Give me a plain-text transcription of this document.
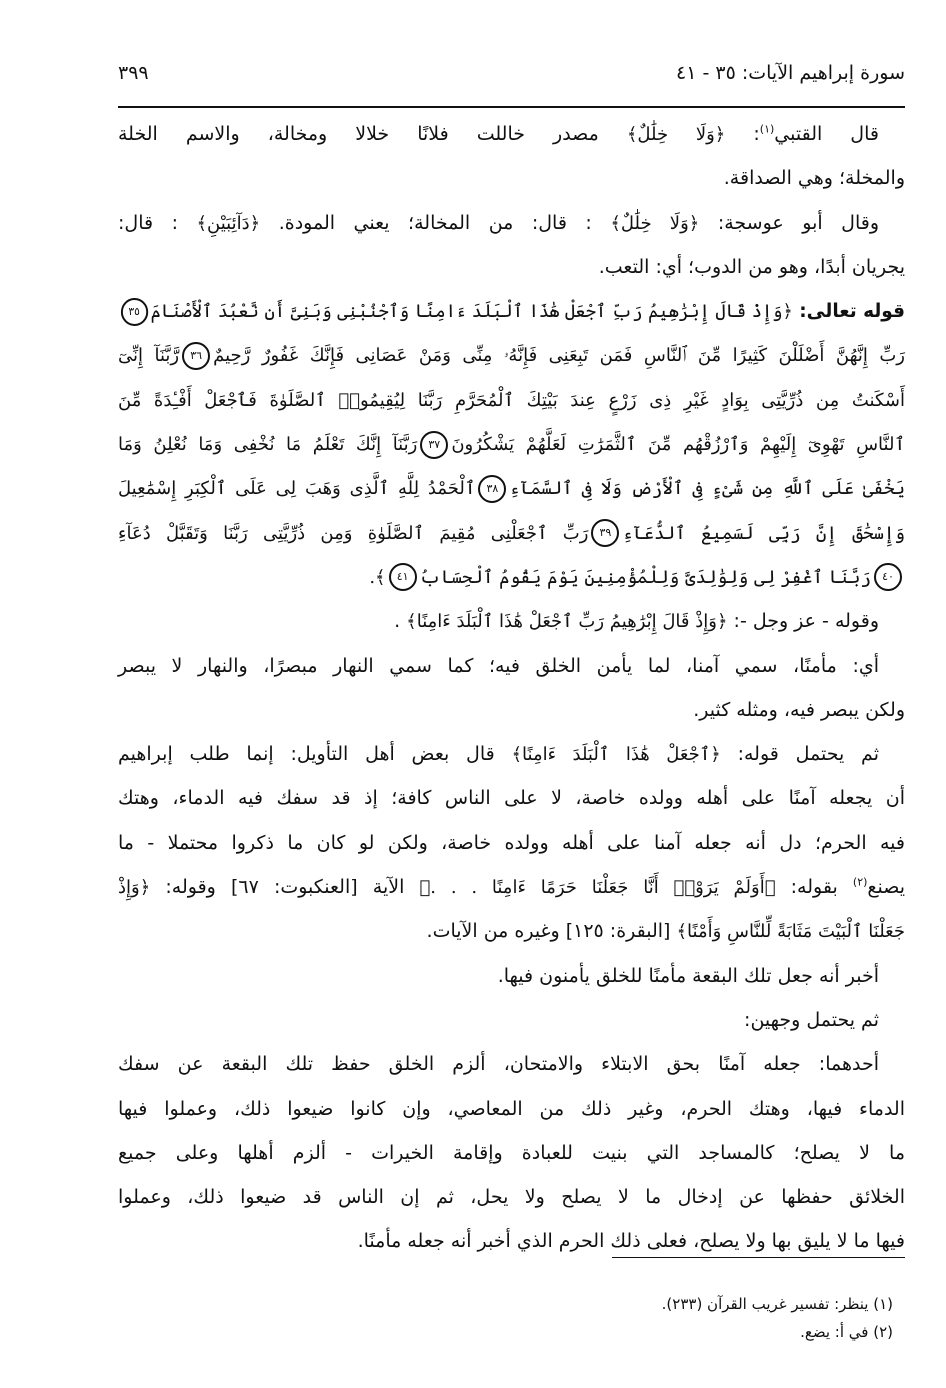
سورة إبراهيم الآيات: ٣٥ - ٤١
٣٩٩
قال القتبي$^{(١)}$: ﴿وَلَا خِلَٰلٌ﴾ مصدر خاللت فلانًا خلالا ومخالة، والاسم الخلة
والمخلة؛ وهي الصداقة.
وقال أبو عوسجة: ﴿وَلَا خِلَٰلٌ﴾ : قال: من المخالة؛ يعني المودة. ﴿دَآئِبَيْنِ﴾ : قال:
يجريان أبدًا، وهو من الدوب؛ أي: التعب.
قوله تعالى: ﴿وَإِذْ قَالَ إِبْرَٰهِيمُ رَبِّ ٱجْعَلْ هَٰذَا ٱلْبَلَدَ ءَامِنًا وَٱجْنُبْنِى وَبَنِىَّ أَن نَّعْبُدَ ٱلْأَصْنَامَ٣٥
رَبِّ إِنَّهُنَّ أَضْلَلْنَ كَثِيرًا مِّنَ ٱلنَّاسِ فَمَن تَبِعَنِى فَإِنَّهُۥ مِنِّى وَمَنْ عَصَانِى فَإِنَّكَ غَفُورٌ رَّحِيمٌ٣٦رَّبَّنَآ إِنِّىٓ
أَسْكَنتُ مِن ذُرِّيَّتِى بِوَادٍ غَيْرِ ذِى زَرْعٍ عِندَ بَيْتِكَ ٱلْمُحَرَّمِ رَبَّنَا لِيُقِيمُوا۟ ٱلصَّلَوٰةَ فَٱجْعَلْ أَفْـِٔدَةً مِّنَ
ٱلنَّاسِ تَهْوِىٓ إِلَيْهِمْ وَٱرْزُقْهُم مِّنَ ٱلثَّمَرَٰتِ لَعَلَّهُمْ يَشْكُرُونَ٣٧رَبَّنَآ إِنَّكَ تَعْلَمُ مَا نُخْفِى وَمَا نُعْلِنُ وَمَا
يَخْفَىٰ عَلَى ٱللَّهِ مِن شَىْءٍ فِى ٱلْأَرْضِ وَلَا فِى ٱلسَّمَآءِ٣٨ٱلْحَمْدُ لِلَّهِ ٱلَّذِى وَهَبَ لِى عَلَى ٱلْكِبَرِ إِسْمَٰعِيلَ
وَإِسْحَٰقَ إِنَّ رَبِّى لَسَمِيعُ ٱلدُّعَآءِ٣٩رَبِّ ٱجْعَلْنِى مُقِيمَ ٱلصَّلَوٰةِ وَمِن ذُرِّيَّتِى رَبَّنَا وَتَقَبَّلْ دُعَآءِ
٤٠رَبَّنَا ٱغْفِرْ لِى وَلِوَٰلِدَىَّ وَلِلْمُؤْمِنِينَ يَوْمَ يَقُومُ ٱلْحِسَابُ٤١﴾.
وقوله - عز وجل -: ﴿وَإِذْ قَالَ إِبْرَٰهِيمُ رَبِّ ٱجْعَلْ هَٰذَا ٱلْبَلَدَ ءَامِنًا﴾ .
أي: مأمنًا، سمي آمنا، لما يأمن الخلق فيه؛ كما سمي النهار مبصرًا، والنهار لا يبصر
ولكن يبصر فيه، ومثله كثير.
ثم يحتمل قوله: ﴿ٱجْعَلْ هَٰذَا ٱلْبَلَدَ ءَامِنًا﴾ قال بعض أهل التأويل: إنما طلب إبراهيم
أن يجعله آمنًا على أهله وولده خاصة، لا على الناس كافة؛ إذ قد سفك فيه الدماء، وهتك
فيه الحرم؛ دل أنه جعله آمنا على أهله وولده خاصة، ولكن لو كان ما ذكروا محتملا - ما
يصنع$^{(٢)}$ بقوله: ﴿أَوَلَمْ يَرَوْا۟ أَنَّا جَعَلْنَا حَرَمًا ءَامِنًا . . .﴾ الآية [العنكبوت: ٦٧] وقوله: ﴿وَإِذْ
جَعَلْنَا ٱلْبَيْتَ مَثَابَةً لِّلنَّاسِ وَأَمْنًا﴾ [البقرة: ١٢٥] وغيره من الآيات.
أخبر أنه جعل تلك البقعة مأمنًا للخلق يأمنون فيها.
ثم يحتمل وجهين:
أحدهما: جعله آمنًا بحق الابتلاء والامتحان، ألزم الخلق حفظ تلك البقعة عن سفك
الدماء فيها، وهتك الحرم، وغير ذلك من المعاصي، وإن كانوا ضيعوا ذلك، وعملوا فيها
ما لا يصلح؛ كالمساجد التي بنيت للعبادة وإقامة الخيرات - ألزم أهلها وعلى جميع
الخلائق حفظها عن إدخال ما لا يصلح ولا يحل، ثم إن الناس قد ضيعوا ذلك، وعملوا
فيها ما لا يليق بها ولا يصلح، فعلى ذلك الحرم الذي أخبر أنه جعله مأمنًا.
(١) ينظر: تفسير غريب القرآن (٢٣٣).
(٢) في أ: يضع.
